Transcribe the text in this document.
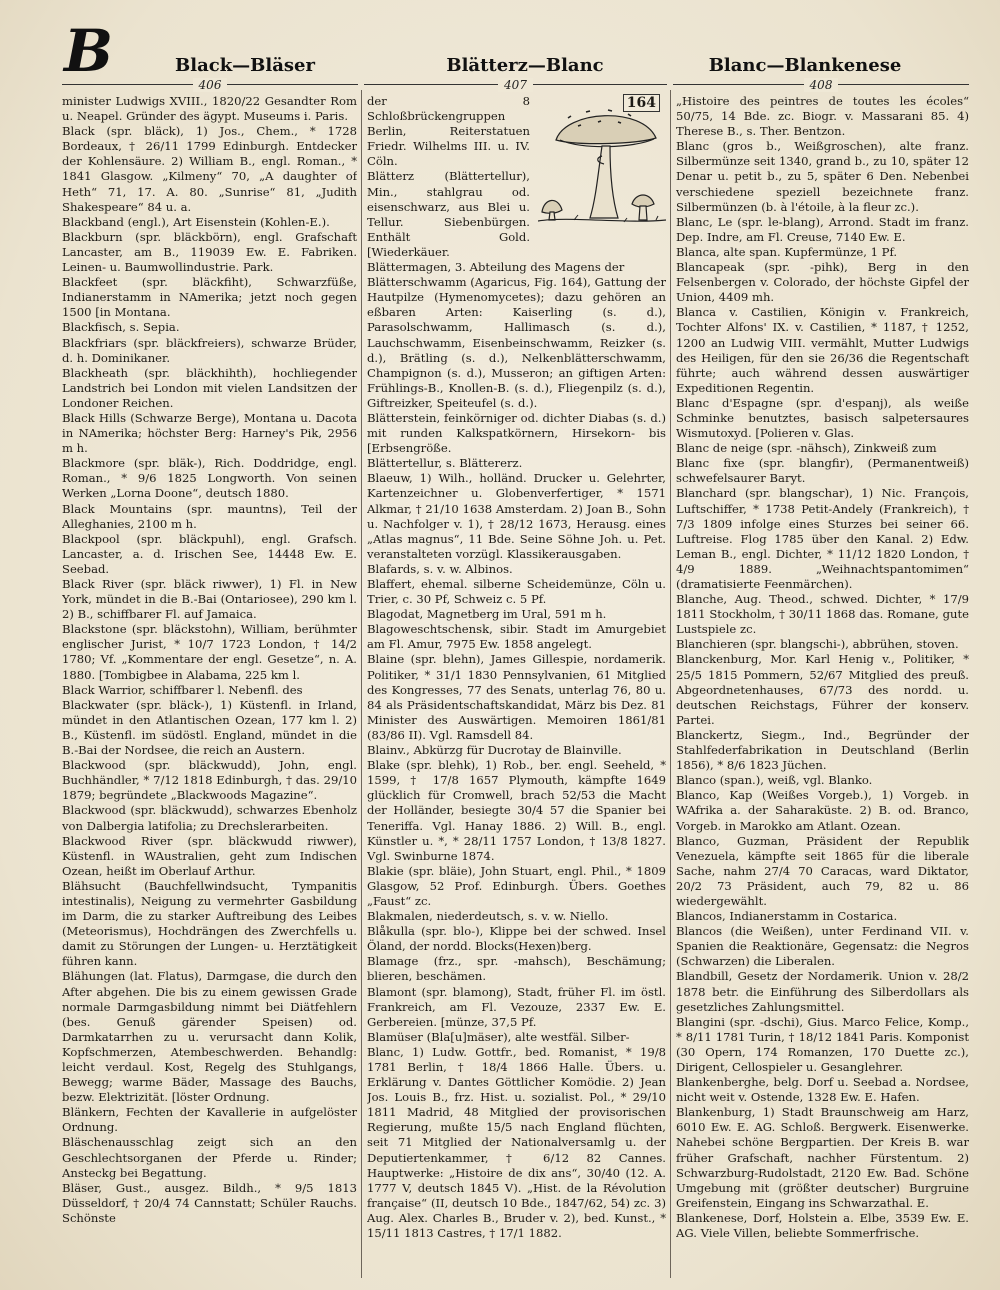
B	Black—Bläser	Blätterz—Blanc	Blanc—Blankenese
406	407	408

minister Ludwigs XVIII., 1820/22 Gesandter Rom u. Neapel. Gründer des ägypt. Museums i. Paris.

Black (spr. bläck), 1) Jos., Chem., * 1728 Bordeaux, † 26/11 1799 Edinburgh. Entdecker der Kohlensäure. 2) William B., engl. Roman., * 1841 Glasgow. „Kilmeny“ 70, „A daughter of Heth“ 71, 17. A. 80. „Sunrise“ 81, „Judith Shakespeare“ 84 u. a.

Blackband (engl.), Art Eisenstein (Kohlen-E.).

Blackburn (spr. bläckbörn), engl. Grafschaft Lancaster, am B., 119039 Ew. E. Fabriken. Leinen- u. Baumwollindustrie. Park.

Blackfeet (spr. bläckfiht), Schwarzfüße, Indianerstamm in NAmerika; jetzt noch gegen 1500 [in Montana.

Blackfisch, s. Sepia.

Blackfriars (spr. bläckfreiers), schwarze Brüder, d. h. Dominikaner.

Blackheath (spr. bläckhihth), hochliegender Landstrich bei London mit vielen Landsitzen der Londoner Reichen.

Black Hills (Schwarze Berge), Montana u. Dacota in NAmerika; höchster Berg: Harney's Pik, 2956 m h.

Blackmore (spr. bläk-), Rich. Doddridge, engl. Roman., * 9/6 1825 Longworth. Von seinen Werken „Lorna Doone“, deutsch 1880.

Black Mountains (spr. mauntns), Teil der Alleghanies, 2100 m h.

Blackpool (spr. bläckpuhl), engl. Grafsch. Lancaster, a. d. Irischen See, 14448 Ew. E. Seebad.

Black River (spr. bläck riwwer), 1) Fl. in New York, mündet in die B.-Bai (Ontariosee), 290 km l. 2) B., schiffbarer Fl. auf Jamaica.

Blackstone (spr. bläckstohn), William, berühmter englischer Jurist, * 10/7 1723 London, † 14/2 1780; Vf. „Kommentare der engl. Gesetze“, n. A. 1880. [Tombigbee in Alabama, 225 km l.

Black Warrior, schiffbarer l. Nebenfl. des

Blackwater (spr. bläck-), 1) Küstenfl. in Irland, mündet in den Atlantischen Ozean, 177 km l. 2) B., Küstenfl. im südöstl. England, mündet in die B.-Bai der Nordsee, die reich an Austern.

Blackwood (spr. bläckwudd), John, engl. Buchhändler, * 7/12 1818 Edinburgh, † das. 29/10 1879; begründete „Blackwoods Magazine“.

Blackwood (spr. bläckwudd), schwarzes Ebenholz von Dalbergia latifolia; zu Drechslerarbeiten.

Blackwood River (spr. bläckwudd riwwer), Küstenfl. in WAustralien, geht zum Indischen Ozean, heißt im Oberlauf Arthur.

Blähsucht (Bauchfellwindsucht, Tympanitis intestinalis), Neigung zu vermehrter Gasbildung im Darm, die zu starker Auftreibung des Leibes (Meteorismus), Hochdrängen des Zwerchfells u. damit zu Störungen der Lungen- u. Herztätigkeit führen kann.

Blähungen (lat. Flatus), Darmgase, die durch den After abgehen. Die bis zu einem gewissen Grade normale Darmgasbildung nimmt bei Diätfehlern (bes. Genuß gärender Speisen) od. Darmkatarrhen zu u. verursacht dann Kolik, Kopfschmerzen, Atembeschwerden. Behandlg: leicht verdaul. Kost, Regelg des Stuhlgangs, Bewegg; warme Bäder, Massage des Bauchs, bezw. Elektrizität. [löster Ordnung.

Blänkern, Fechten der Kavallerie in aufgelöster Ordnung.

Bläschenausschlag zeigt sich an den Geschlechtsorganen der Pferde u. Rinder; Ansteckg bei Begattung.

Bläser, Gust., ausgez. Bildh., * 9/5 1813 Düsseldorf, † 20/4 74 Cannstatt; Schüler Rauchs. Schönste

164

der 8 Schloßbrückengruppen Berlin, Reiterstatuen Friedr. Wilhelms III. u. IV. Cöln.

Blätterz (Blättertellur), Min., stahlgrau od. eisenschwarz, aus Blei u. Tellur. Siebenbürgen. Enthält Gold. [Wiederkäuer.

Blättermagen, 3. Abteilung des Magens der

Blätterschwamm (Agaricus, Fig. 164), Gattung der Hautpilze (Hymenomycetes); dazu gehören an eßbaren Arten: Kaiserling (s. d.), Parasolschwamm, Hallimasch (s. d.), Lauchschwamm, Eisenbeinschwamm, Reizker (s. d.), Brätling (s. d.), Nelkenblätterschwamm, Champignon (s. d.), Musseron; an giftigen Arten: Frühlings-B., Knollen-B. (s. d.), Fliegenpilz (s. d.), Giftreizker, Speiteufel (s. d.).

Blätterstein, feinkörniger od. dichter Diabas (s. d.) mit runden Kalkspatkörnern, Hirsekorn- bis [Erbsengröße.

Blättertellur, s. Blättererz.

Blaeuw, 1) Wilh., holländ. Drucker u. Gelehrter, Kartenzeichner u. Globenverfertiger, * 1571 Alkmar, † 21/10 1638 Amsterdam. 2) Joan B., Sohn u. Nachfolger v. 1), † 28/12 1673, Herausg. eines „Atlas magnus“, 11 Bde. Seine Söhne Joh. u. Pet. veranstalteten vorzügl. Klassikerausgaben.

Blafards, s. v. w. Albinos.

Blaffert, ehemal. silberne Scheidemünze, Cöln u. Trier, c. 30 Pf, Schweiz c. 5 Pf.

Blagodat, Magnetberg im Ural, 591 m h.

Blagoweschtschensk, sibir. Stadt im Amurgebiet am Fl. Amur, 7975 Ew. 1858 angelegt.

Blaine (spr. blehn), James Gillespie, nordamerik. Politiker, * 31/1 1830 Pennsylvanien, 61 Mitglied des Kongresses, 77 des Senats, unterlag 76, 80 u. 84 als Präsidentschaftskandidat, März bis Dez. 81 Minister des Auswärtigen. Memoiren 1861/81 (83/86 II). Vgl. Ramsdell 84.

Blainv., Abkürzg für Ducrotay de Blainville.

Blake (spr. blehk), 1) Rob., ber. engl. Seeheld, * 1599, † 17/8 1657 Plymouth, kämpfte 1649 glücklich für Cromwell, brach 52/53 die Macht der Holländer, besiegte 30/4 57 die Spanier bei Teneriffa. Vgl. Hanay 1886. 2) Will. B., engl. Künstler u. *, * 28/11 1757 London, † 13/8 1827. Vgl. Swinburne 1874.

Blakie (spr. bläie), John Stuart, engl. Phil., * 1809 Glasgow, 52 Prof. Edinburgh. Übers. Goethes „Faust“ zc.

Blakmalen, niederdeutsch, s. v. w. Niello.

Blåkulla (spr. blo-), Klippe bei der schwed. Insel Öland, der nordd. Blocks(Hexen)berg.

Blamage (frz., spr. -mahsch), Beschämung; blieren, beschämen.

Blamont (spr. blamong), Stadt, früher Fl. im östl. Frankreich, am Fl. Vezouze, 2337 Ew. E. Gerbereien. [münze, 37,5 Pf.

Blamüser (Bla[u]mäser), alte westfäl. Silber-

Blanc, 1) Ludw. Gottfr., bed. Romanist, * 19/8 1781 Berlin, † 18/4 1866 Halle. Übers. u. Erklärung v. Dantes Göttlicher Komödie. 2) Jean Jos. Louis B., frz. Hist. u. sozialist. Pol., * 29/10 1811 Madrid, 48 Mitglied der provisorischen Regierung, mußte 15/5 nach England flüchten, seit 71 Mitglied der Nationalversamlg u. der Deputiertenkammer, † 6/12 82 Cannes. Hauptwerke: „Histoire de dix ans“, 30/40 (12. A. 1777 V, deutsch 1845 V). „Hist. de la Révolution française“ (II, deutsch 10 Bde., 1847/62, 54) zc. 3) Aug. Alex. Charles B., Bruder v. 2), bed. Kunst., * 15/11 1813 Castres, † 17/1 1882.

„Histoire des peintres de toutes les écoles“ 50/75, 14 Bde. zc. Biogr. v. Massarani 85. 4) Therese B., s. Ther. Bentzon.

Blanc (gros b., Weißgroschen), alte franz. Silbermünze seit 1340, grand b., zu 10, später 12 Denar u. petit b., zu 5, später 6 Den. Nebenbei verschiedene speziell bezeichnete franz. Silbermünzen (b. à l'étoile, à la fleur zc.).

Blanc, Le (spr. le-blang), Arrond. Stadt im franz. Dep. Indre, am Fl. Creuse, 7140 Ew. E.

Blanca, alte span. Kupfermünze, 1 Pf.

Blancapeak (spr. -pihk), Berg in den Felsenbergen v. Colorado, der höchste Gipfel der Union, 4409 mh.

Blanca v. Castilien, Königin v. Frankreich, Tochter Alfons' IX. v. Castilien, * 1187, † 1252, 1200 an Ludwig VIII. vermählt, Mutter Ludwigs des Heiligen, für den sie 26/36 die Regentschaft führte; auch während dessen auswärtiger Expeditionen Regentin.

Blanc d'Espagne (spr. d'espanj), als weiße Schminke benutztes, basisch salpetersaures Wismutoxyd. [Polieren v. Glas.

Blanc de neige (spr. -nähsch), Zinkweiß zum

Blanc fixe (spr. blangfir), (Permanentweiß) schwefelsaurer Baryt.

Blanchard (spr. blangschar), 1) Nic. François, Luftschiffer, * 1738 Petit-Andely (Frankreich), † 7/3 1809 infolge eines Sturzes bei seiner 66. Luftreise. Flog 1785 über den Kanal. 2) Edw. Leman B., engl. Dichter, * 11/12 1820 London, † 4/9 1889. „Weihnachtspantomimen“ (dramatisierte Feenmärchen).

Blanche, Aug. Theod., schwed. Dichter, * 17/9 1811 Stockholm, † 30/11 1868 das. Romane, gute Lustspiele zc.

Blanchieren (spr. blangschi-), abbrühen, stoven.

Blanckenburg, Mor. Karl Henig v., Politiker, * 25/5 1815 Pommern, 52/67 Mitglied des preuß. Abgeordnetenhauses, 67/73 des nordd. u. deutschen Reichstags, Führer der konserv. Partei.

Blanckertz, Siegm., Ind., Begründer der Stahlfederfabrikation in Deutschland (Berlin 1856), * 8/6 1823 Jüchen.

Blanco (span.), weiß, vgl. Blanko.

Blanco, Kap (Weißes Vorgeb.), 1) Vorgeb. in WAfrika a. der Saharaküste. 2) B. od. Branco, Vorgeb. in Marokko am Atlant. Ozean.

Blanco, Guzman, Präsident der Republik Venezuela, kämpfte seit 1865 für die liberale Sache, nahm 27/4 70 Caracas, ward Diktator, 20/2 73 Präsident, auch 79, 82 u. 86 wiedergewählt.

Blancos, Indianerstamm in Costarica.

Blancos (die Weißen), unter Ferdinand VII. v. Spanien die Reaktionäre, Gegensatz: die Negros (Schwarzen) die Liberalen.

Blandbill, Gesetz der Nordamerik. Union v. 28/2 1878 betr. die Einführung des Silberdollars als gesetzliches Zahlungsmittel.

Blangini (spr. -dschi), Gius. Marco Felice, Komp., * 8/11 1781 Turin, † 18/12 1841 Paris. Komponist (30 Opern, 174 Romanzen, 170 Duette zc.), Dirigent, Cellospieler u. Gesanglehrer.

Blankenberghe, belg. Dorf u. Seebad a. Nordsee, nicht weit v. Ostende, 1328 Ew. E. Hafen.

Blankenburg, 1) Stadt Braunschweig am Harz, 6010 Ew. E. AG. Schloß. Bergwerk. Eisenwerke. Nahebei schöne Bergpartien. Der Kreis B. war früher Grafschaft, nachher Fürstentum. 2) Schwarzburg-Rudolstadt, 2120 Ew. Bad. Schöne Umgebung mit (größter deutscher) Burgruine Greifenstein, Eingang ins Schwarzathal. E.

Blankenese, Dorf, Holstein a. Elbe, 3539 Ew. E. AG. Viele Villen, beliebte Sommerfrische.
